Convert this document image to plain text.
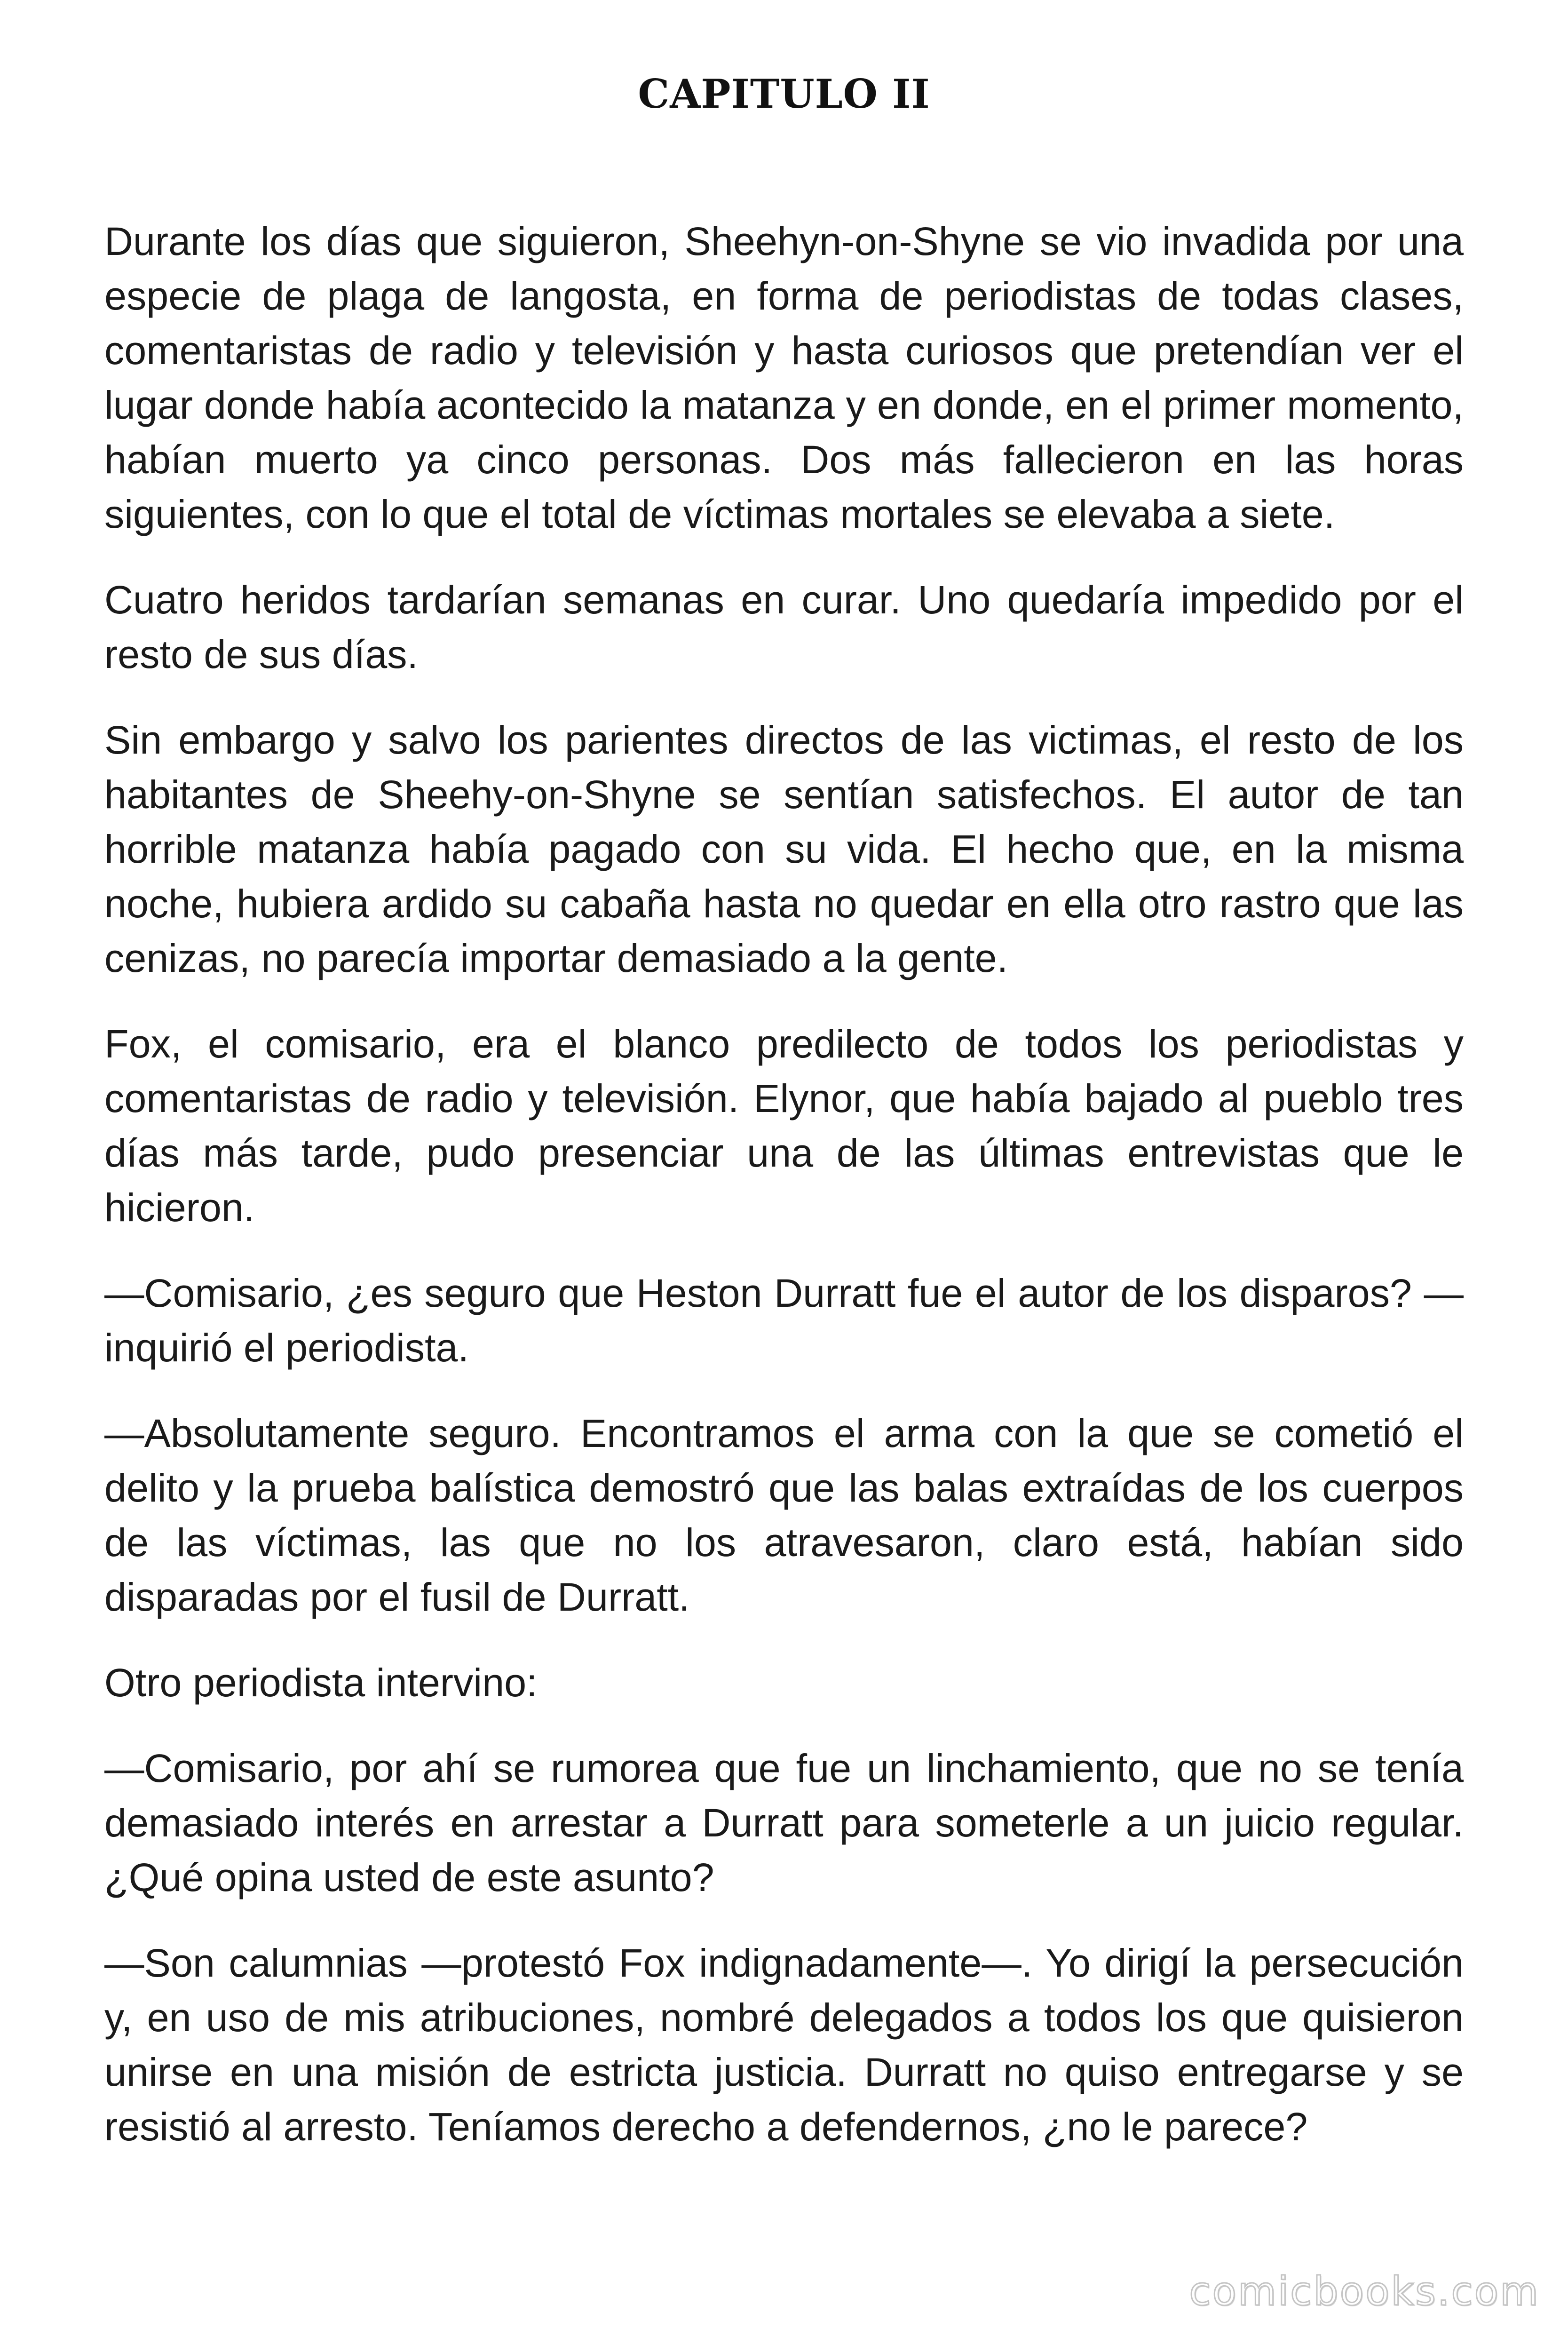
CAPITULO II

Durante los días que siguieron, Sheehyn-on-Shyne se vio invadida por una especie de plaga de langosta, en forma de periodistas de todas clases, comentaristas de radio y televisión y hasta curiosos que pretendían ver el lugar donde había acontecido la matanza y en donde, en el primer momento, habían muerto ya cinco personas. Dos más fallecieron en las horas siguientes, con lo que el total de víctimas mortales se elevaba a siete.

Cuatro heridos tardarían semanas en curar. Uno quedaría impedido por el resto de sus días.

Sin embargo y salvo los parientes directos de las victimas, el resto de los habitantes de Sheehy-on-Shyne se sentían satisfechos. El autor de tan horrible matanza había pagado con su vida. El hecho que, en la misma noche, hubiera ardido su cabaña hasta no quedar en ella otro rastro que las cenizas, no parecía importar demasiado a la gente.

Fox, el comisario, era el blanco predilecto de todos los periodistas y comentaristas de radio y televisión. Elynor, que había bajado al pueblo tres días más tarde, pudo presenciar una de las últimas entrevistas que le hicieron.

—Comisario, ¿es seguro que Heston Durratt fue el autor de los disparos? —inquirió el periodista.

—Absolutamente seguro. Encontramos el arma con la que se cometió el delito y la prueba balística demostró que las balas extraídas de los cuerpos de las víctimas, las que no los atravesaron, claro está, habían sido disparadas por el fusil de Durratt.

Otro periodista intervino:

—Comisario, por ahí se rumorea que fue un linchamiento, que no se tenía demasiado interés en arrestar a Durratt para someterle a un juicio regular. ¿Qué opina usted de este asunto?

—Son calumnias —protestó Fox indignadamente—. Yo dirigí la persecución y, en uso de mis atribuciones, nombré delegados a todos los que quisieron unirse en una misión de estricta justicia. Durratt no quiso entregarse y se resistió al arresto. Teníamos derecho a defendernos, ¿no le parece?

comicbooks.com
